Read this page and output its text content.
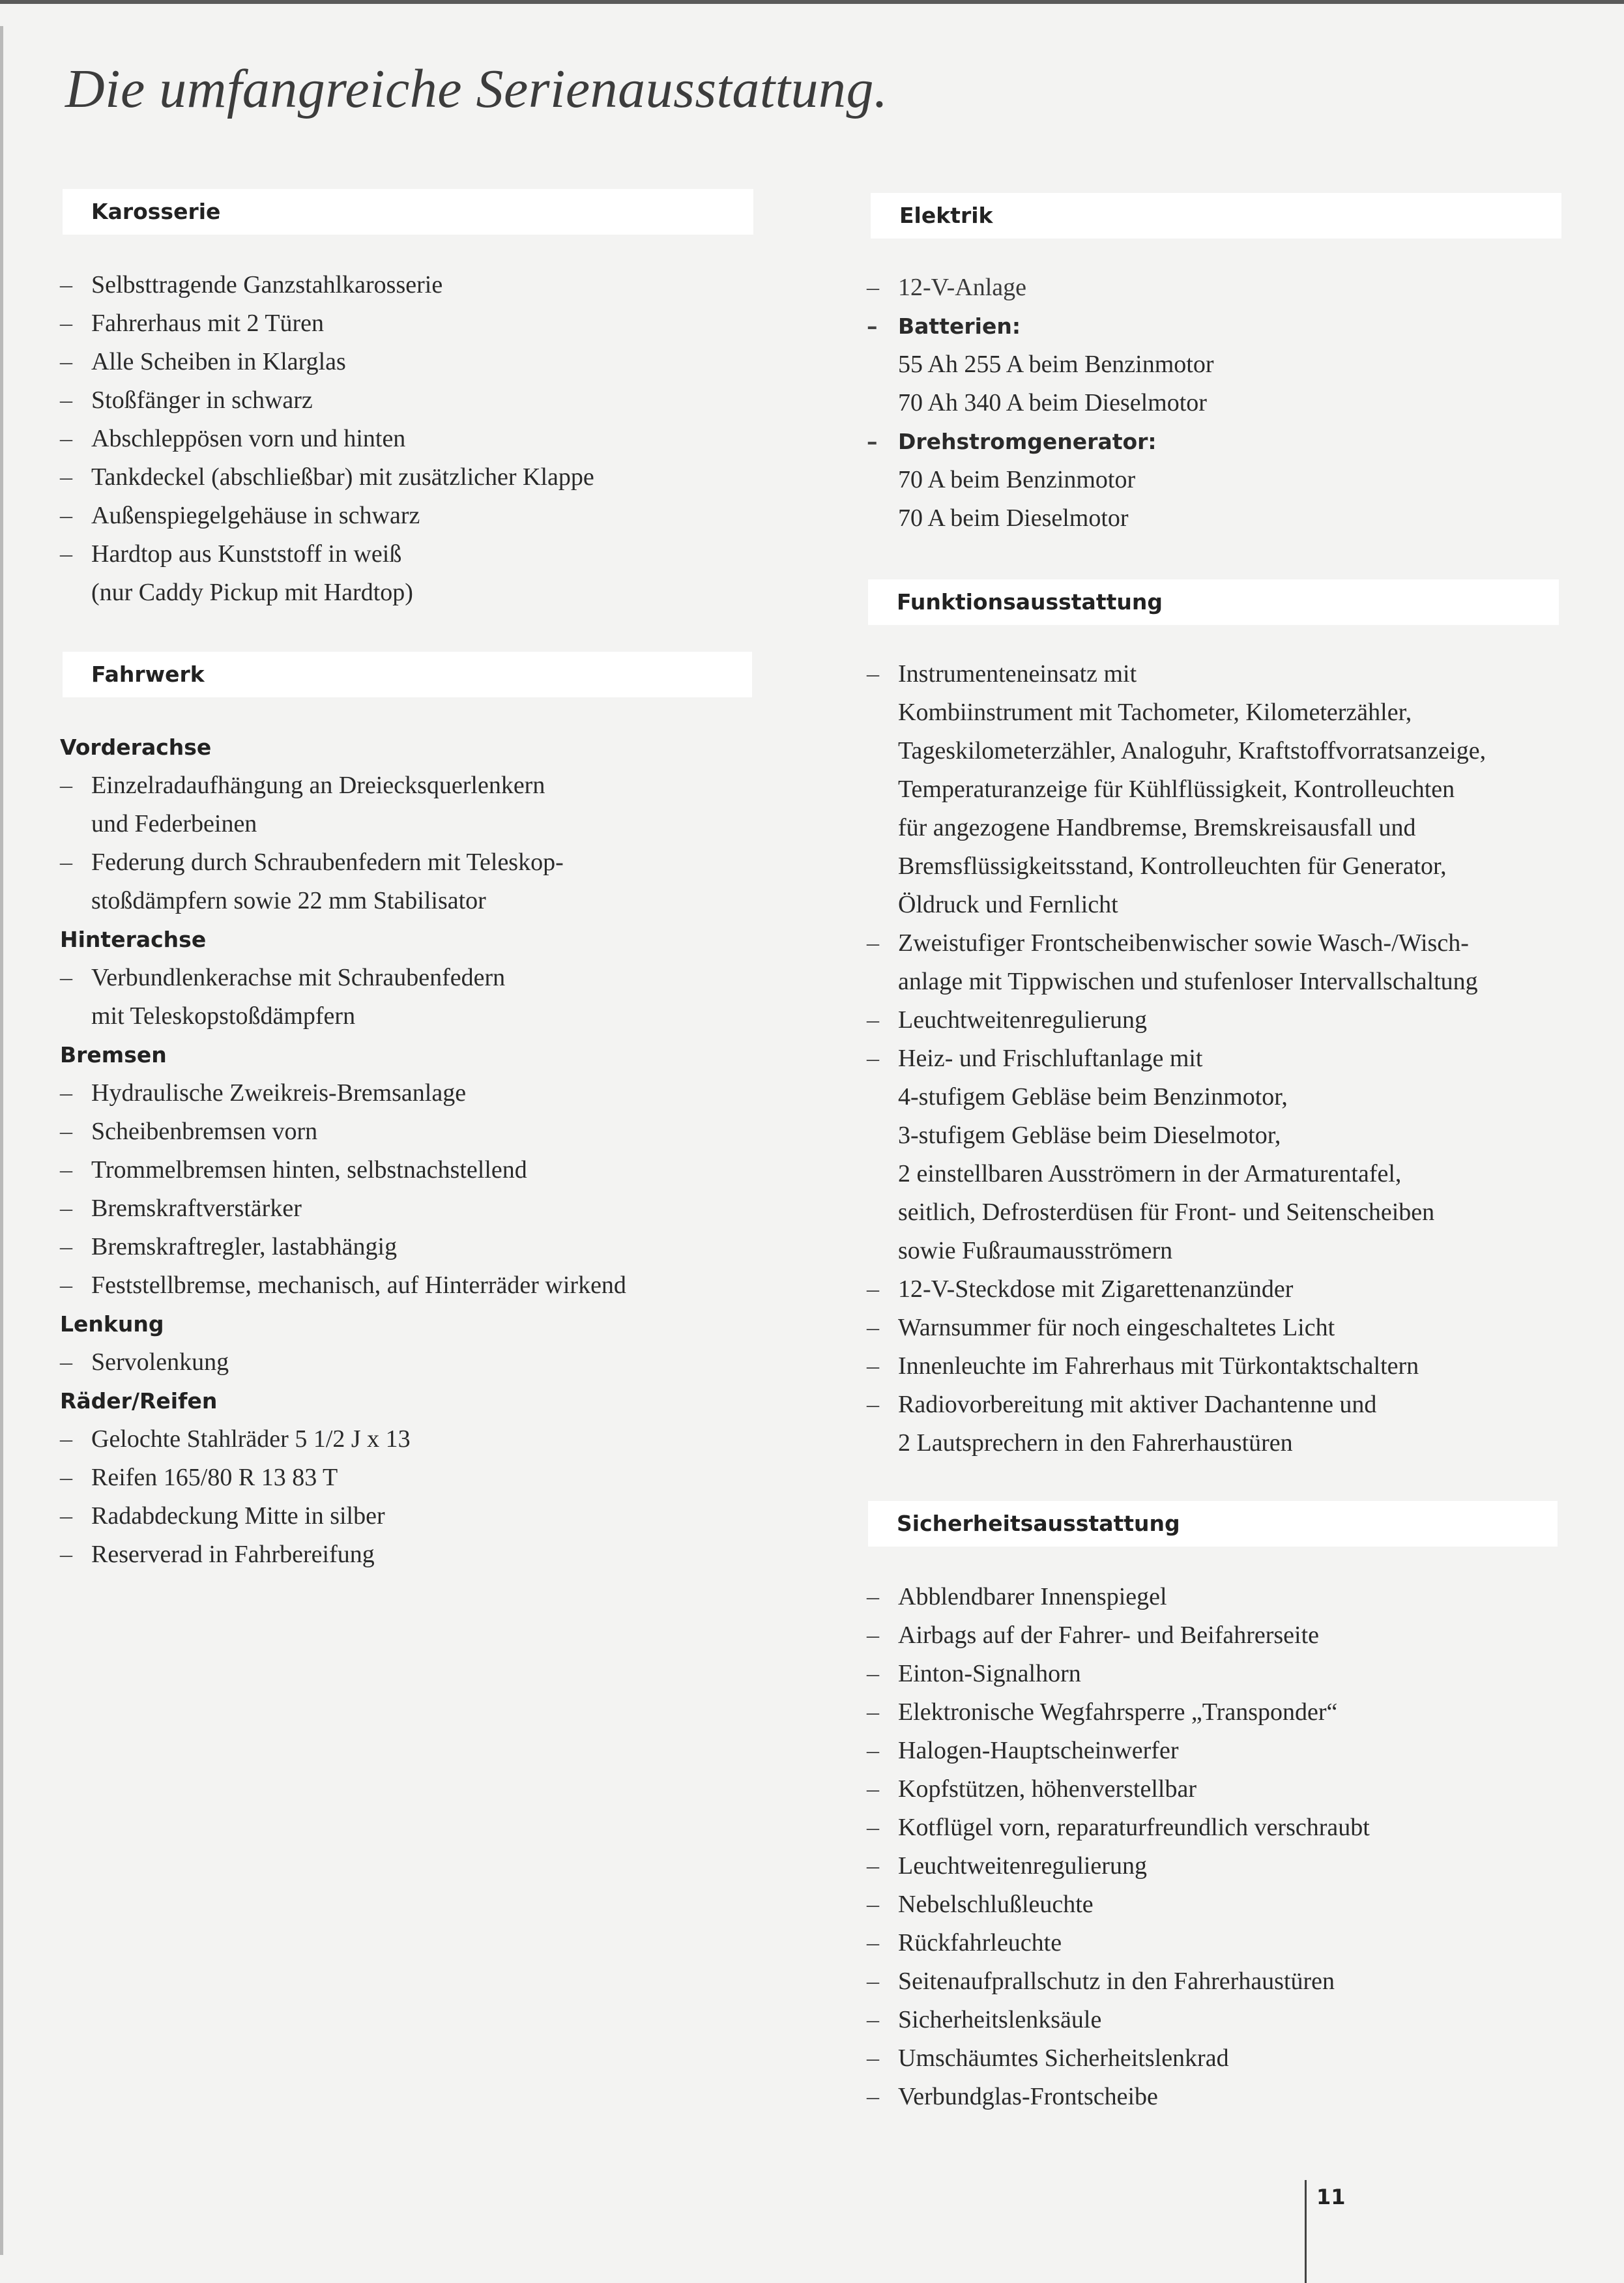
Die umfangreiche Serienausstattung.
Karosserie
– Selbsttragende Ganzstahlkarosserie
– Fahrerhaus mit 2 Türen
– Alle Scheiben in Klarglas
– Stoßfänger in schwarz
– Abschleppösen vorn und hinten
– Tankdeckel (abschließbar) mit zusätzlicher Klappe
– Außenspiegelgehäuse in schwarz
– Hardtop aus Kunststoff in weiß
(nur Caddy Pickup mit Hardtop)
Fahrwerk
Vorderachse
– Einzelradaufhängung an Dreiecksquerlenkern
und Federbeinen
– Federung durch Schraubenfedern mit Teleskop-
stoßdämpfern sowie 22 mm Stabilisator
Hinterachse
– Verbundlenkerachse mit Schraubenfedern
mit Teleskopstoßdämpfern
Bremsen
– Hydraulische Zweikreis-Bremsanlage
– Scheibenbremsen vorn
– Trommelbremsen hinten, selbstnachstellend
– Bremskraftverstärker
– Bremskraftregler, lastabhängig
– Feststellbremse, mechanisch, auf Hinterräder wirkend
Lenkung
– Servolenkung
Räder/Reifen
– Gelochte Stahlräder 5 1/2 J x 13
– Reifen 165/80 R 13 83 T
– Radabdeckung Mitte in silber
– Reserverad in Fahrbereifung
Elektrik
– 12-V-Anlage
– Batterien:
55 Ah 255 A beim Benzinmotor
70 Ah 340 A beim Dieselmotor
– Drehstromgenerator:
70 A beim Benzinmotor
70 A beim Dieselmotor
Funktionsausstattung
– Instrumenteneinsatz mit
Kombiinstrument mit Tachometer, Kilometerzähler,
Tageskilometerzähler, Analoguhr, Kraftstoffvorratsanzeige,
Temperaturanzeige für Kühlflüssigkeit, Kontrolleuchten
für angezogene Handbremse, Bremskreisausfall und
Bremsflüssigkeitsstand, Kontrolleuchten für Generator,
Öldruck und Fernlicht
– Zweistufiger Frontscheibenwischer sowie Wasch-/Wisch-
anlage mit Tippwischen und stufenloser Intervallschaltung
– Leuchtweitenregulierung
– Heiz- und Frischluftanlage mit
4-stufigem Gebläse beim Benzinmotor,
3-stufigem Gebläse beim Dieselmotor,
2 einstellbaren Ausströmern in der Armaturentafel,
seitlich, Defrosterdüsen für Front- und Seitenscheiben
sowie Fußraumausströmern
– 12-V-Steckdose mit Zigarettenanzünder
– Warnsummer für noch eingeschaltetes Licht
– Innenleuchte im Fahrerhaus mit Türkontaktschaltern
– Radiovorbereitung mit aktiver Dachantenne und
2 Lautsprechern in den Fahrerhaustüren
Sicherheitsausstattung
– Abblendbarer Innenspiegel
– Airbags auf der Fahrer- und Beifahrerseite
– Einton-Signalhorn
– Elektronische Wegfahrsperre „Transponder“
– Halogen-Hauptscheinwerfer
– Kopfstützen, höhenverstellbar
– Kotflügel vorn, reparaturfreundlich verschraubt
– Leuchtweitenregulierung
– Nebelschlußleuchte
– Rückfahrleuchte
– Seitenaufprallschutz in den Fahrerhaustüren
– Sicherheitslenksäule
– Umschäumtes Sicherheitslenkrad
– Verbundglas-Frontscheibe
11
